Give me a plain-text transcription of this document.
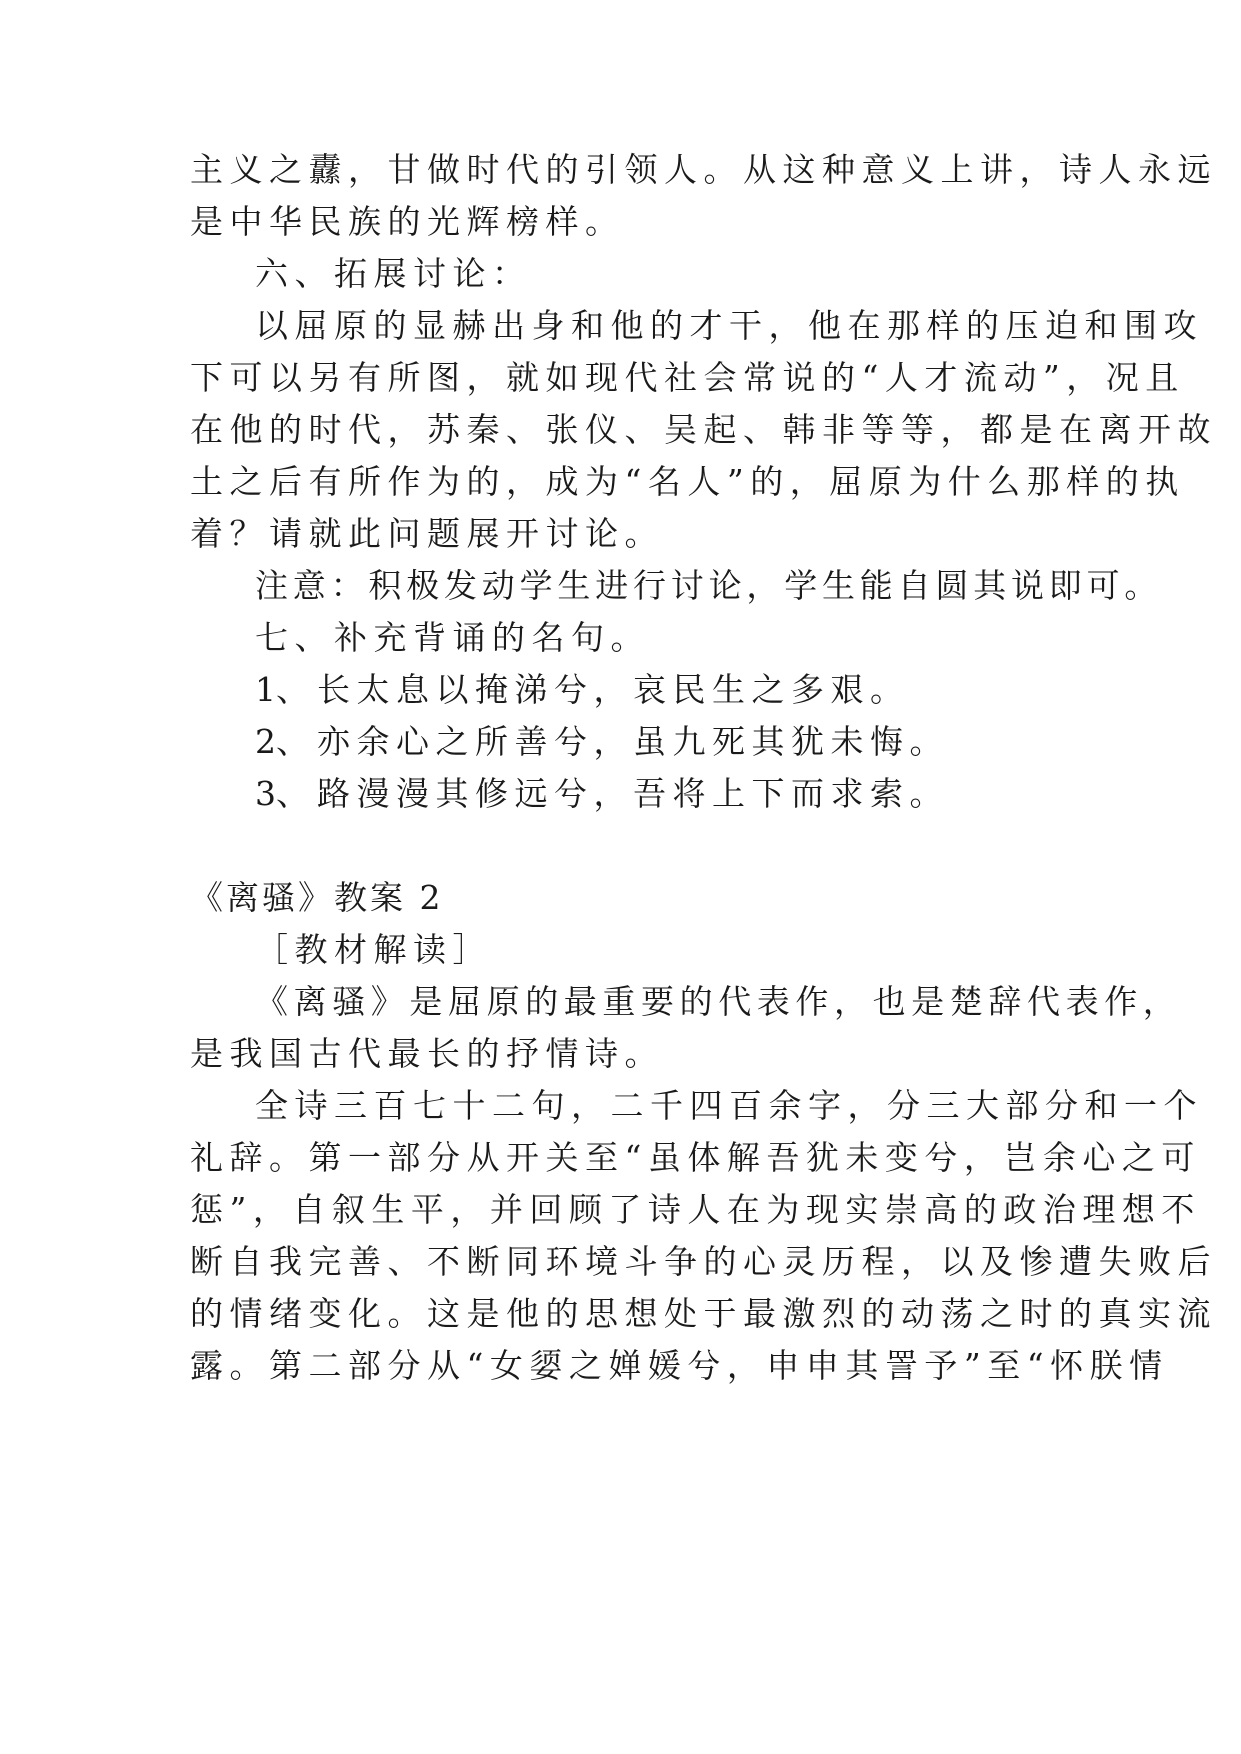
主义之纛，甘做时代的引领人。从这种意义上讲，诗人永远
是中华民族的光辉榜样。
六、拓展讨论：
以屈原的显赫出身和他的才干，他在那样的压迫和围攻
下可以另有所图，就如现代社会常说的“人才流动”，况且
在他的时代，苏秦、张仪、吴起、韩非等等，都是在离开故
土之后有所作为的，成为“名人”的，屈原为什么那样的执
着？请就此问题展开讨论。
注意：积极发动学生进行讨论，学生能自圆其说即可。
七、补充背诵的名句。
1、 长太息以掩涕兮，哀民生之多艰。
2、 亦余心之所善兮，虽九死其犹未悔。
3、 路漫漫其修远兮，吾将上下而求索。
《离骚》教案 2
［教材解读］
《离骚》是屈原的最重要的代表作，也是楚辞代表作，
是我国古代最长的抒情诗。
全诗三百七十二句，二千四百余字，分三大部分和一个
礼辞。第一部分从开关至“虽体解吾犹未变兮，岂余心之可
惩”，自叙生平，并回顾了诗人在为现实崇高的政治理想不
断自我完善、不断同环境斗争的心灵历程，以及惨遭失败后
的情绪变化。这是他的思想处于最激烈的动荡之时的真实流
露。第二部分从“女媭之婵媛兮，申申其詈予”至“怀朕情
